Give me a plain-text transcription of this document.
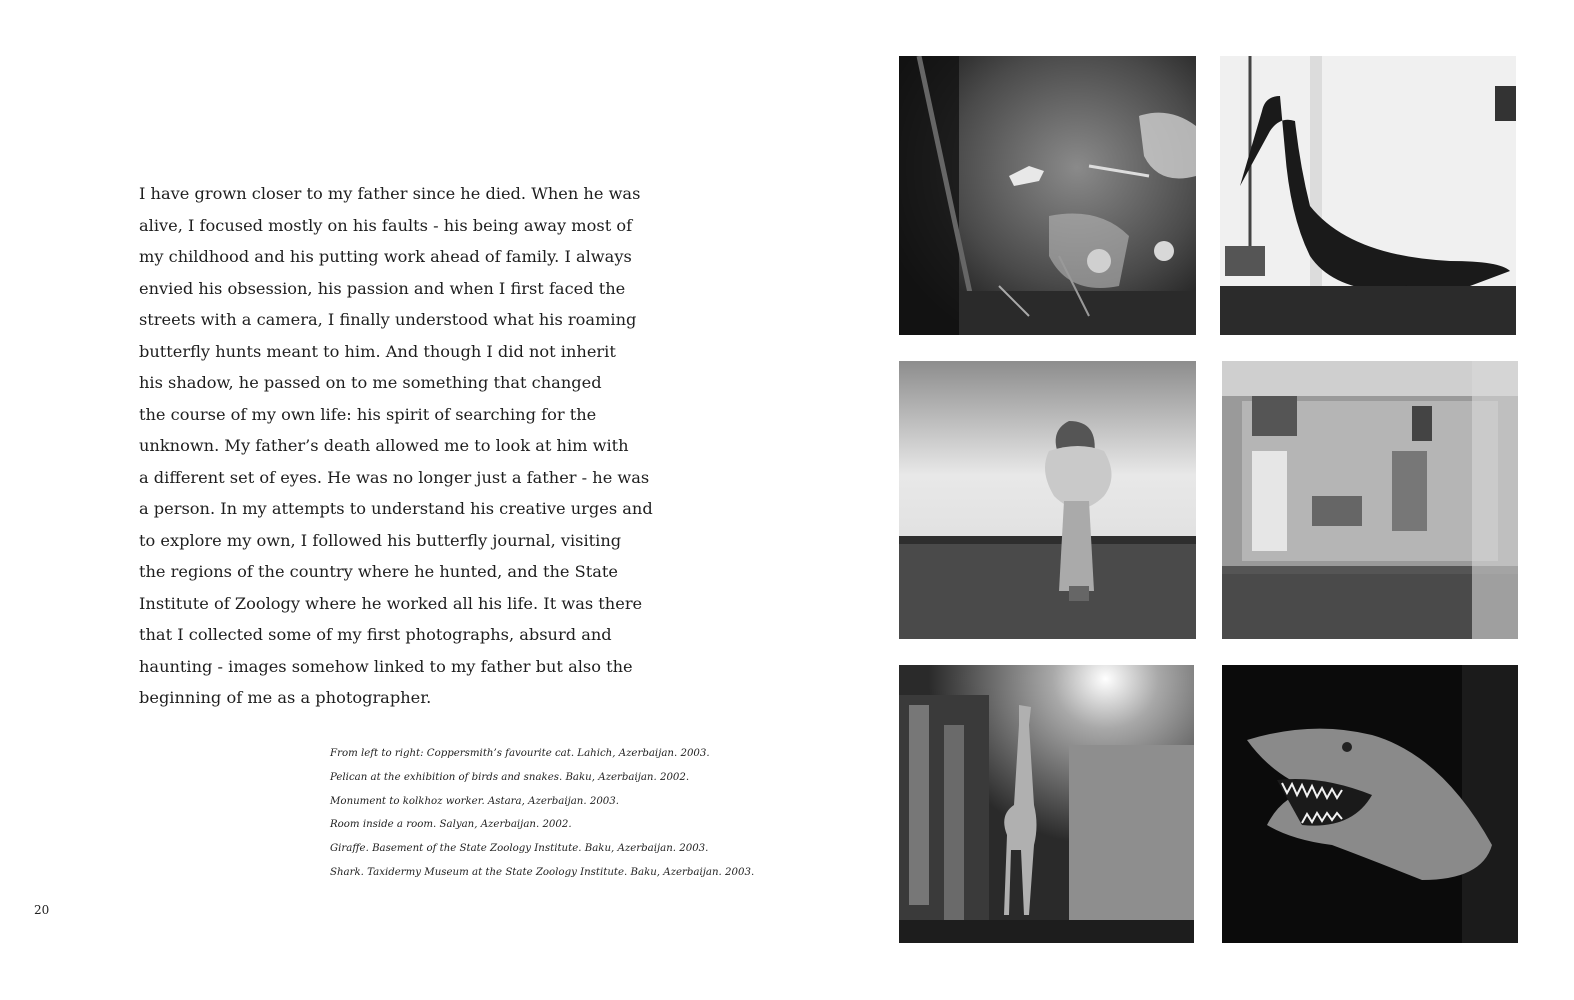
I have grown closer to my father since he died. When he was
alive, I focused mostly on his faults - his being away most of
my childhood and his putting work ahead of family. I always
envied his obsession, his passion and when I first faced the
streets with a camera, I finally understood what his roaming
butterfly hunts meant to him. And though I did not inherit
his shadow, he passed on to me something that changed
the course of my own life: his spirit of searching for the
unknown. My father’s death allowed me to look at him with
a different set of eyes. He was no longer just a father - he was
a person. In my attempts to understand his creative urges and
to explore my own, I followed his butterfly journal, visiting
the regions of the country where he hunted, and the State
Institute of Zoology where he worked all his life. It was there
that I collected some of my first photographs, absurd and
haunting - images somehow linked to my father but also the
beginning of me as a photographer.
From left to right: Coppersmith’s favourite cat. Lahich, Azerbaijan. 2003.
Pelican at the exhibition of birds and snakes. Baku, Azerbaijan. 2002.
Monument to kolkhoz worker. Astara, Azerbaijan. 2003.
Room inside a room. Salyan, Azerbaijan. 2002.
Giraffe. Basement of the State Zoology Institute. Baku, Azerbaijan. 2003.
Shark. Taxidermy Museum at the State Zoology Institute. Baku, Azerbaijan. 2003.
20
